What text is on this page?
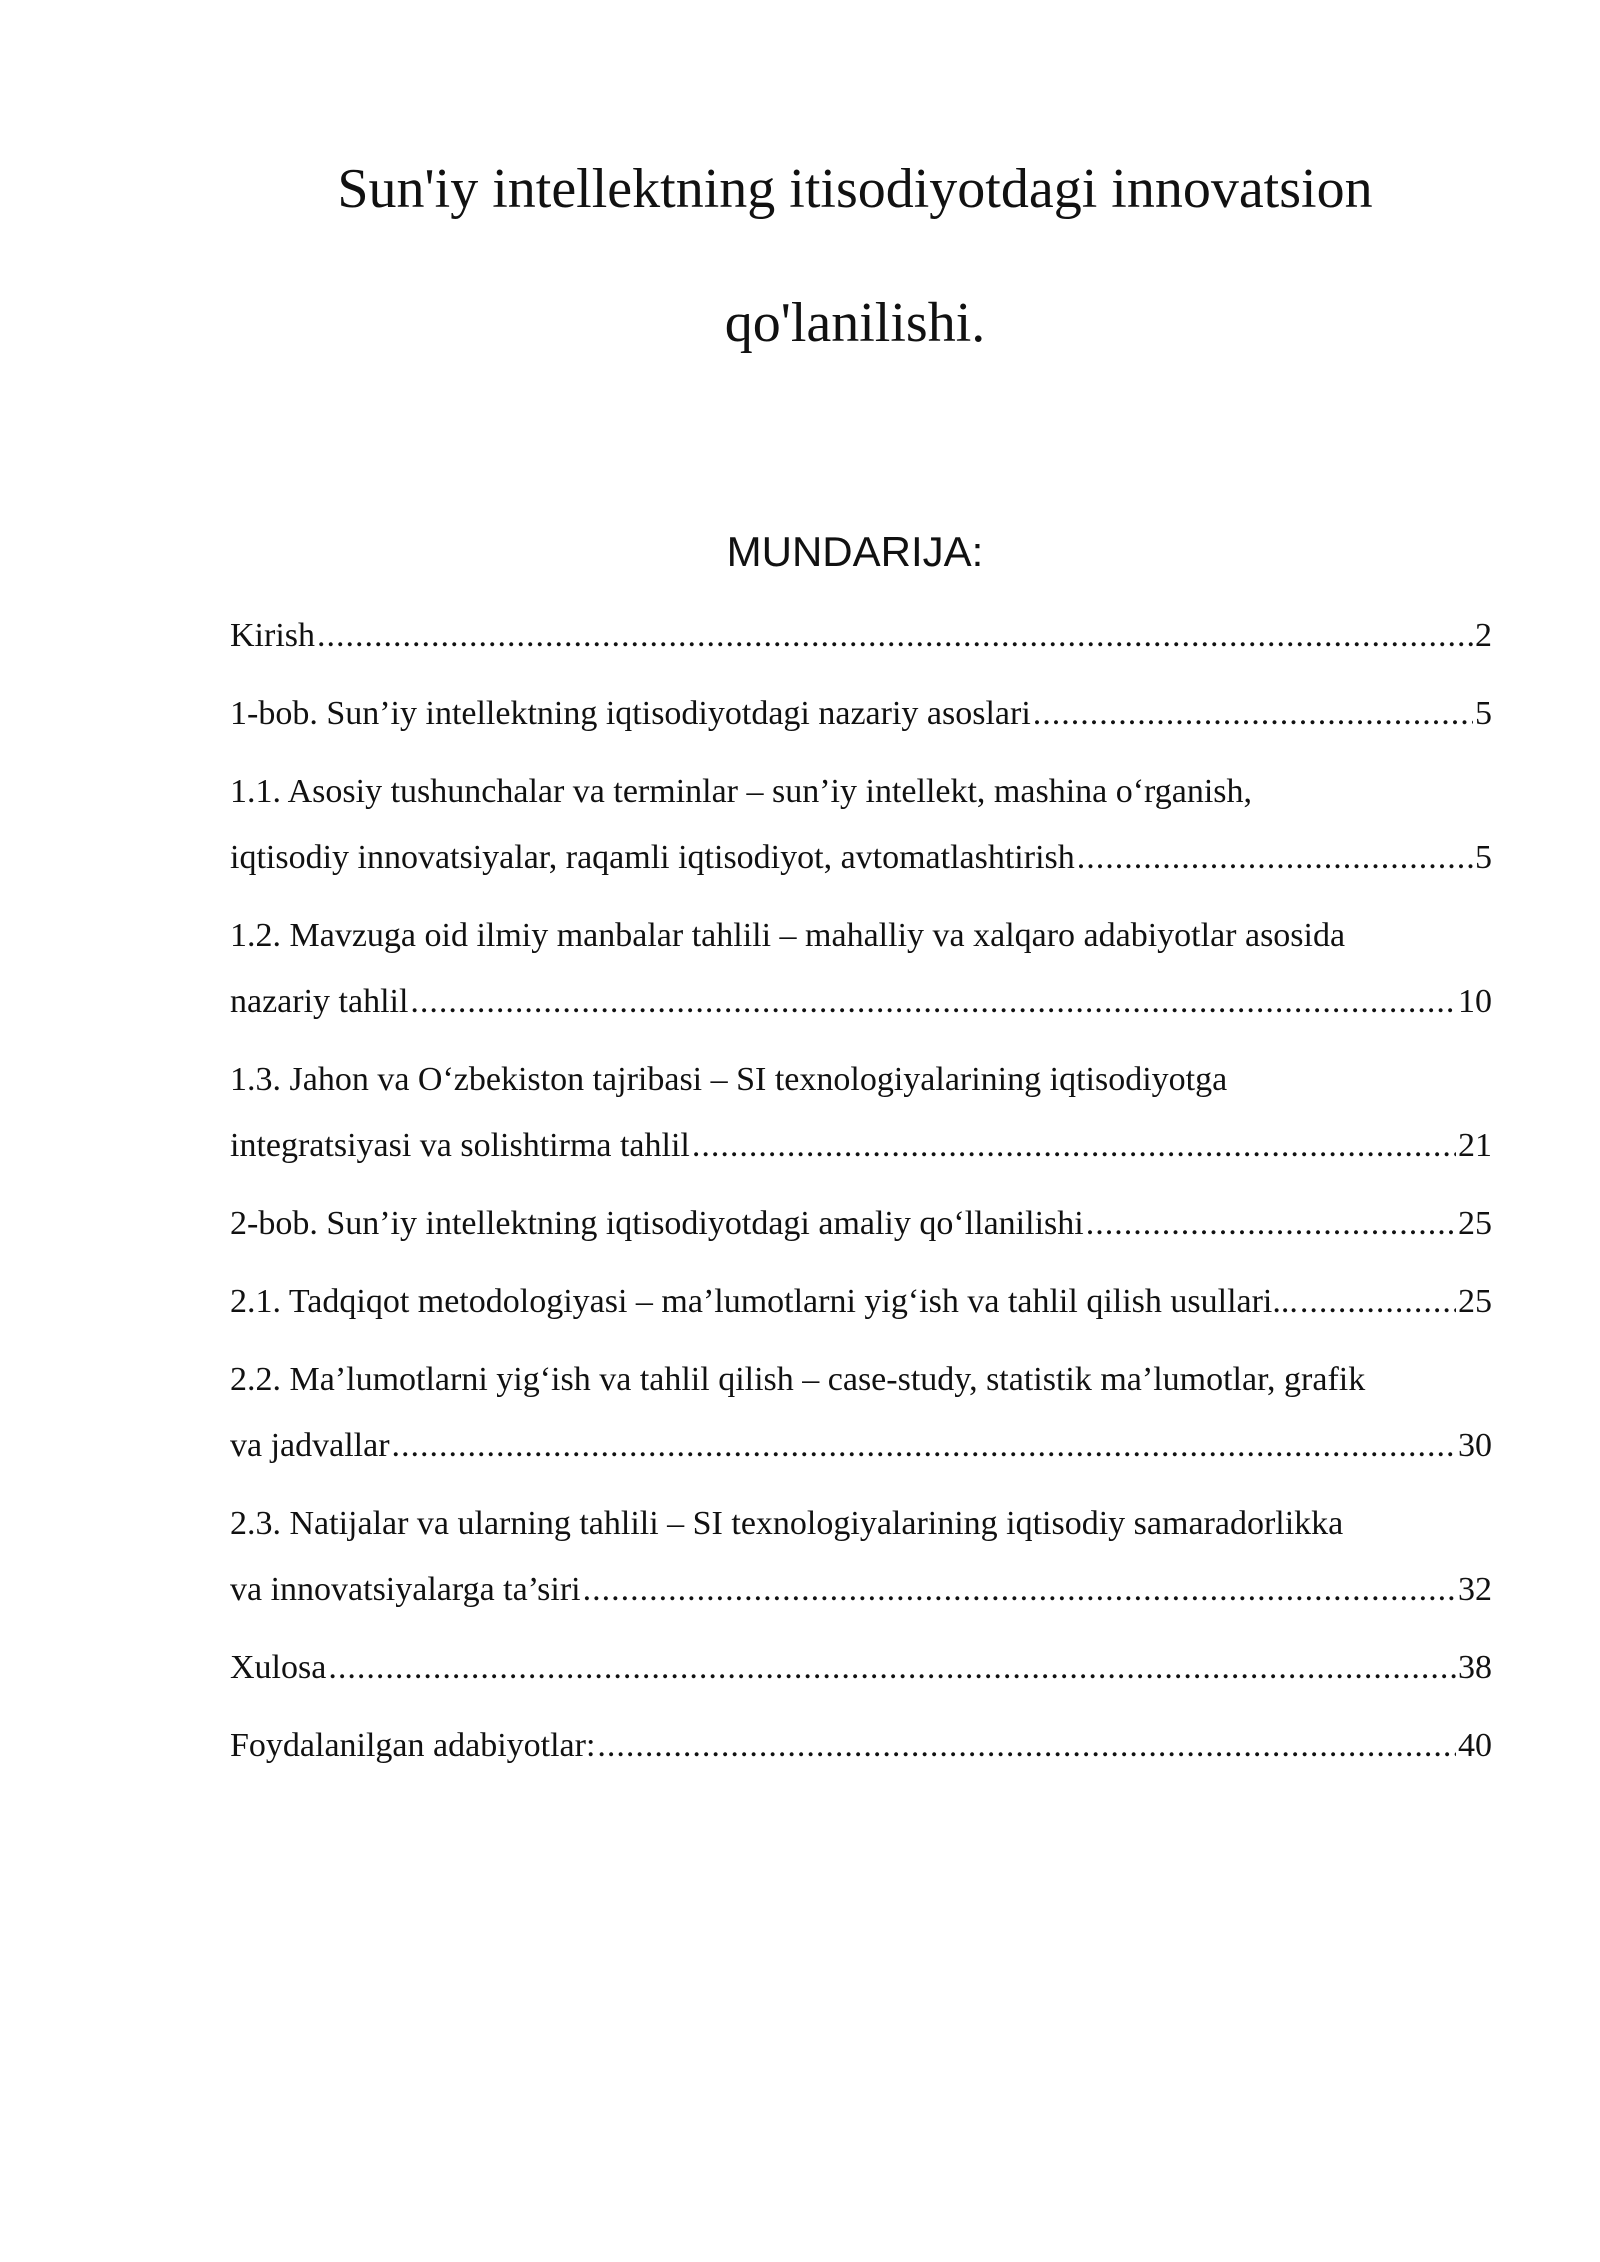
Sun'iy intellektning itisodiyotdagi innovatsion
qo'lanilishi.
MUNDARIJA:
Kirish .....	2
1-bob. Sun’iy intellektning iqtisodiyotdagi nazariy asoslari .....	5
1.1. Asosiy tushunchalar va terminlar – sun’iy intellekt, mashina o‘rganish,
iqtisodiy innovatsiyalar, raqamli iqtisodiyot, avtomatlashtirish .....	5
1.2. Mavzuga oid ilmiy manbalar tahlili – mahalliy va xalqaro adabiyotlar asosida
nazariy tahlil .....	10
1.3. Jahon va O‘zbekiston tajribasi – SI texnologiyalarining iqtisodiyotga
integratsiyasi va solishtirma tahlil .....	21
2-bob. Sun’iy intellektning iqtisodiyotdagi amaliy qo‘llanilishi .....	25
2.1. Tadqiqot metodologiyasi – ma’lumotlarni yig‘ish va tahlil qilish usullari... .....	25
2.2. Ma’lumotlarni yig‘ish va tahlil qilish – case-study, statistik ma’lumotlar, grafik
va jadvallar .....	30
2.3. Natijalar va ularning tahlili – SI texnologiyalarining iqtisodiy samaradorlikka
va innovatsiyalarga ta’siri .....	32
Xulosa .....	38
Foydalanilgan adabiyotlar: .....	40
